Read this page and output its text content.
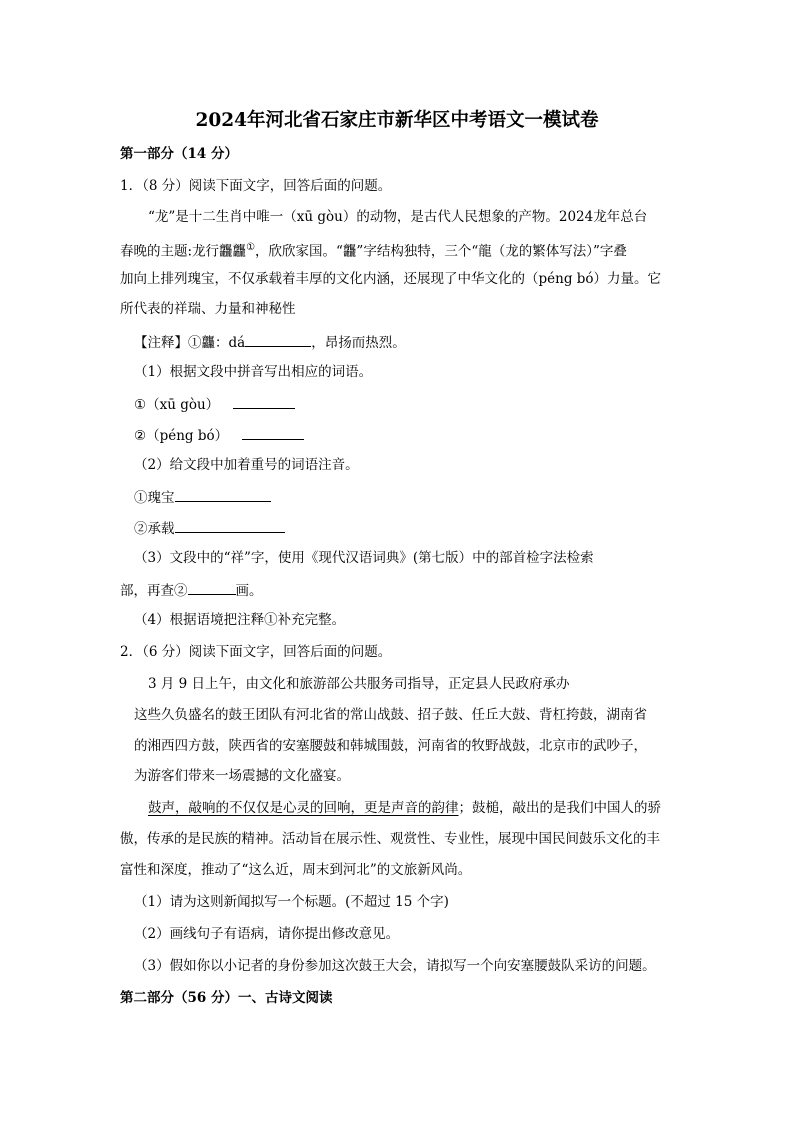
2024年河北省石家庄市新华区中考语文一模试卷
第一部分（14 分）
1．（8 分）阅读下面文字，回答后面的问题。
“龙”是十二生肖中唯一（xū gòu）的动物，是古代人民想象的产物。2024龙年总台
春晚的主题:龙行龘龘①，欣欣家国。“龘”字结构独特，三个“龍（龙的繁体写法）”字叠
加向上排列瑰宝，不仅承载着丰厚的文化内涵，还展现了中华文化的（péng bó）力量。它
所代表的祥瑞、力量和神秘性
【注释】①龘：dá	，昂扬而热烈。
（1）根据文段中拼音写出相应的词语。
①（xū gòu）
②（péng bó）
（2）给文段中加着重号的词语注音。
①瑰宝
②承载
（3）文段中的“祥”字，使用《现代汉语词典》(第七版）中的部首检字法检索
部，再查②	画。
（4）根据语境把注释①补充完整。
2．（6 分）阅读下面文字，回答后面的问题。
3 月 9 日上午，由文化和旅游部公共服务司指导，正定县人民政府承办
这些久负盛名的鼓王团队有河北省的常山战鼓、招子鼓、任丘大鼓、背杠挎鼓，湖南省
的湘西四方鼓，陕西省的安塞腰鼓和韩城围鼓，河南省的牧野战鼓，北京市的武吵子，
为游客们带来一场震撼的文化盛宴。
鼓声，敲响的不仅仅是心灵的回响，更是声音的韵律；鼓槌，敲出的是我们中国人的骄
傲，传承的是民族的精神。活动旨在展示性、观赏性、专业性，展现中国民间鼓乐文化的丰
富性和深度，推动了“这么近，周末到河北”的文旅新风尚。
（1）请为这则新闻拟写一个标题。(不超过 15 个字)
（2）画线句子有语病，请你提出修改意见。
（3）假如你以小记者的身份参加这次鼓王大会，请拟写一个向安塞腰鼓队采访的问题。
第二部分（56 分）一、古诗文阅读
